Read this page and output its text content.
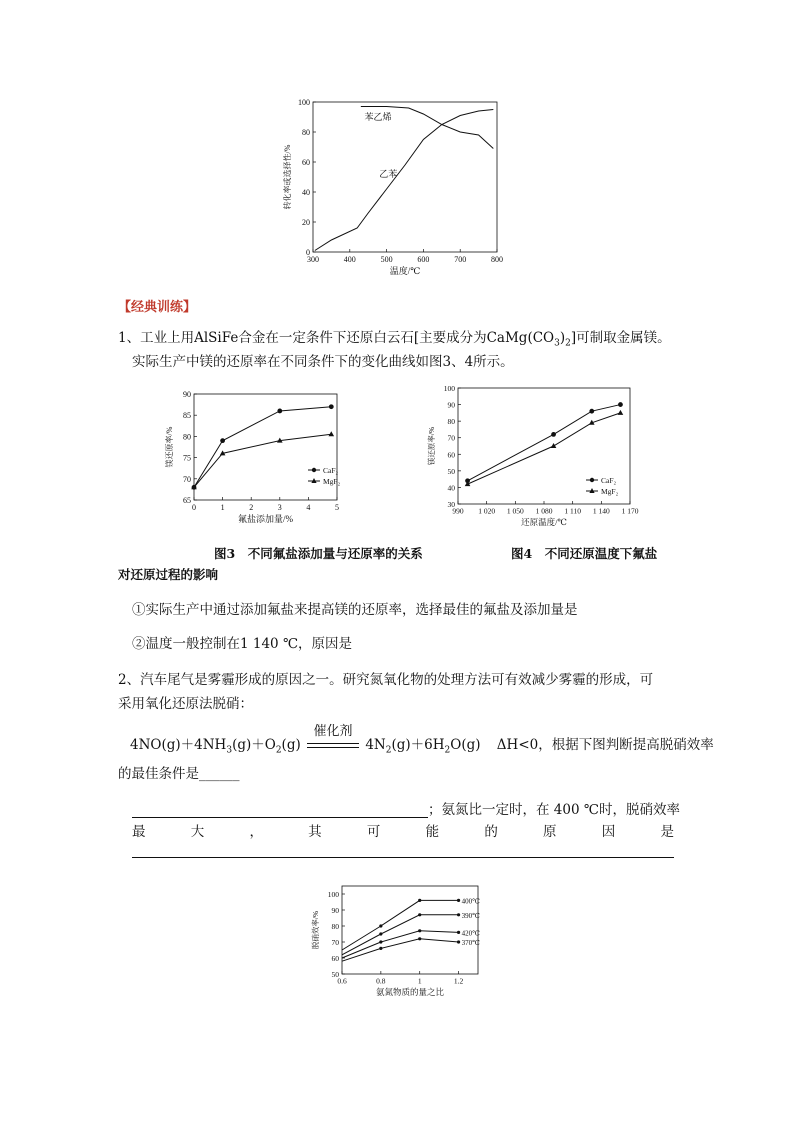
300	400	500	600	700	800
0
20
40
60
80
100
温度/℃
转化率或选择性/%
苯乙烯
乙苯
【经典训练】
1、工业上用AlSiFe合金在一定条件下还原白云石[主要成分为$CaMg(CO_3)_2$]可制取金属镁。
实际生产中镁的还原率在不同条件下的变化曲线如图3、4所示。
0	1	2	3	4	5
65
70
75
80
85
90
氟盐添加量/%
镁还原率/%
CaF₂
MgF₂
990 1 020 1 050 1 080 1 110 1 140 1 170
30
40
50
60
70
80
90
100
还原温度/℃
镁还原率/%
CaF₂
MgF₂
图3　不同氟盐添加量与还原率的关系	图4　不同还原温度下氟盐
对还原过程的影响
①实际生产中通过添加氟盐来提高镁的还原率，选择最佳的氟盐及添加量是
②温度一般控制在1 140 ℃，原因是
2、汽车尾气是雾霾形成的原因之一。研究氮氧化物的处理方法可有效减少雾霾的形成，可
采用氧化还原法脱硝：
$4NO(g)+4NH_3(g)+O_2(g)$
催化剂
$4N_2(g)+6H_2O(g)$ ΔH<0，根据下图判断提高脱硝效率
的最佳条件是______
；氨氮比一定时，在 400 ℃时，脱硝效率
最	大	，	其	可	能	的	原	因	是
0.6	0.8	1	1.2
50
60
70
80
90
100
氨氮物质的量之比
脱硝效率/%
400℃
390℃
420℃
370℃
